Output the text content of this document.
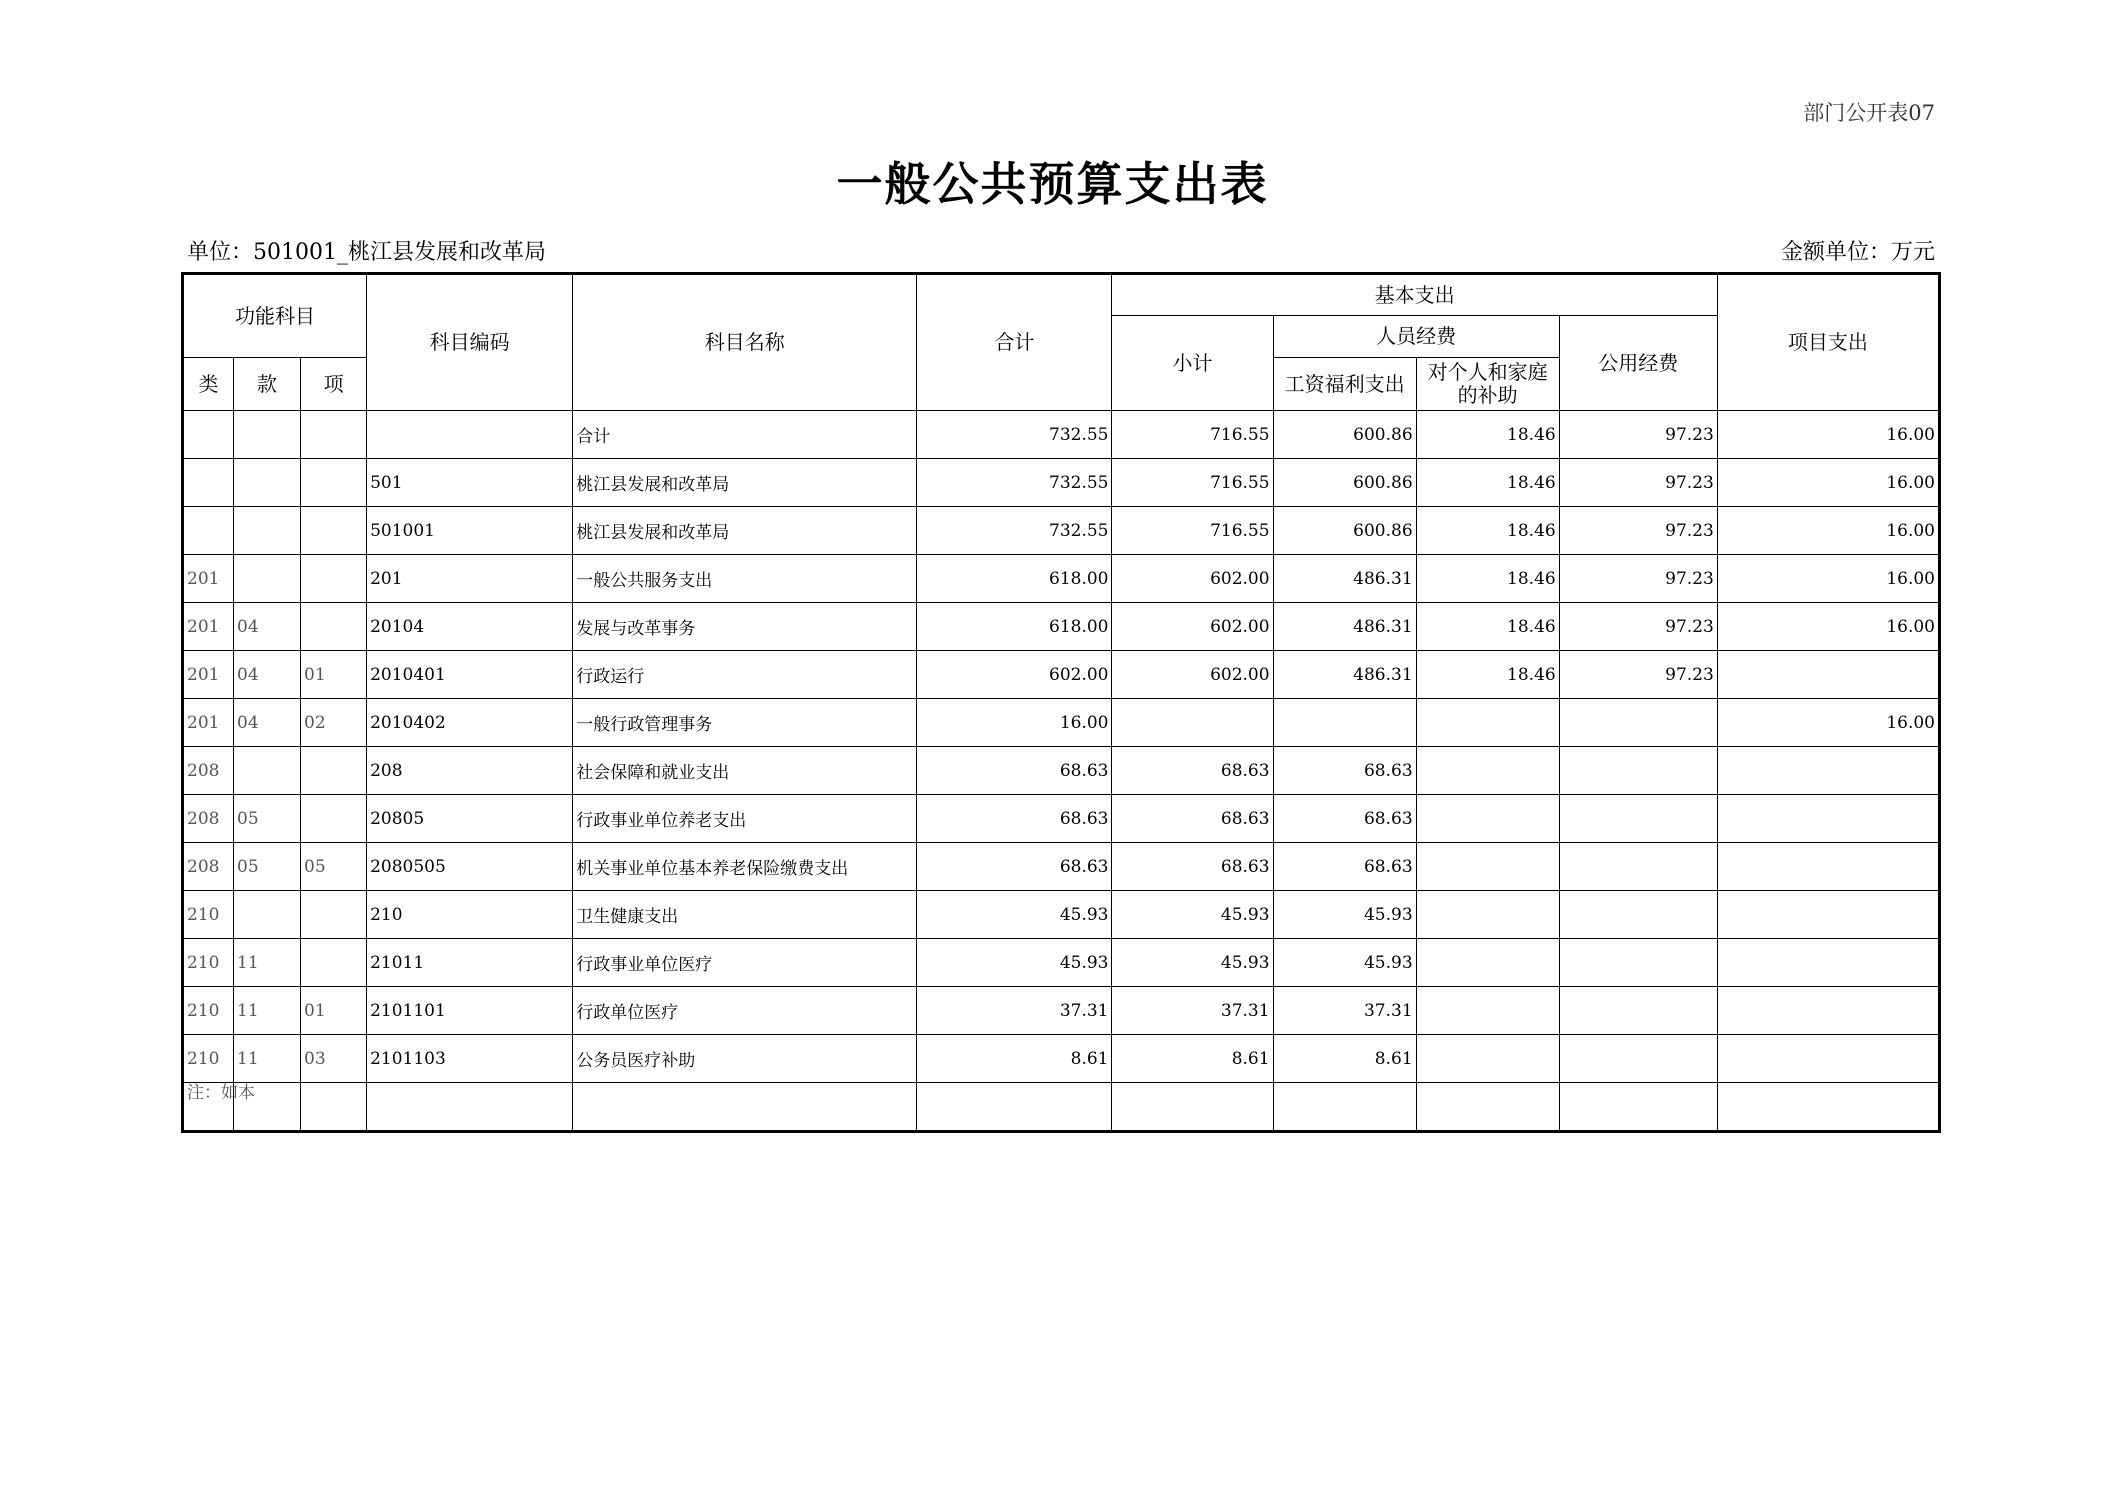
部门公开表07
一般公共预算支出表
单位：501001_桃江县发展和改革局	金额单位：万元
功能科目			科目编码	科目名称	合计	基本支出				项目支出
						小计	人员经费		公用经费	
类	款	项					工资福利支出	对个人和家庭的补助		
				合计	732.55	716.55	600.86	18.46	97.23	16.00
			501	桃江县发展和改革局	732.55	716.55	600.86	18.46	97.23	16.00
			501001	桃江县发展和改革局	732.55	716.55	600.86	18.46	97.23	16.00
201			201	一般公共服务支出	618.00	602.00	486.31	18.46	97.23	16.00
201	04		20104	发展与改革事务	618.00	602.00	486.31	18.46	97.23	16.00
201	04	01	2010401	行政运行	602.00	602.00	486.31	18.46	97.23	
201	04	02	2010402	一般行政管理事务	16.00					16.00
208			208	社会保障和就业支出	68.63	68.63	68.63			
208	05		20805	行政事业单位养老支出	68.63	68.63	68.63			
208	05	05	2080505	机关事业单位基本养老保险缴费支出	68.63	68.63	68.63			
210			210	卫生健康支出	45.93	45.93	45.93			
210	11		21011	行政事业单位医疗	45.93	45.93	45.93			
210	11	01	2101101	行政单位医疗	37.31	37.31	37.31			
210	11	03	2101103	公务员医疗补助	8.61	8.61	8.61			

注：如本										
